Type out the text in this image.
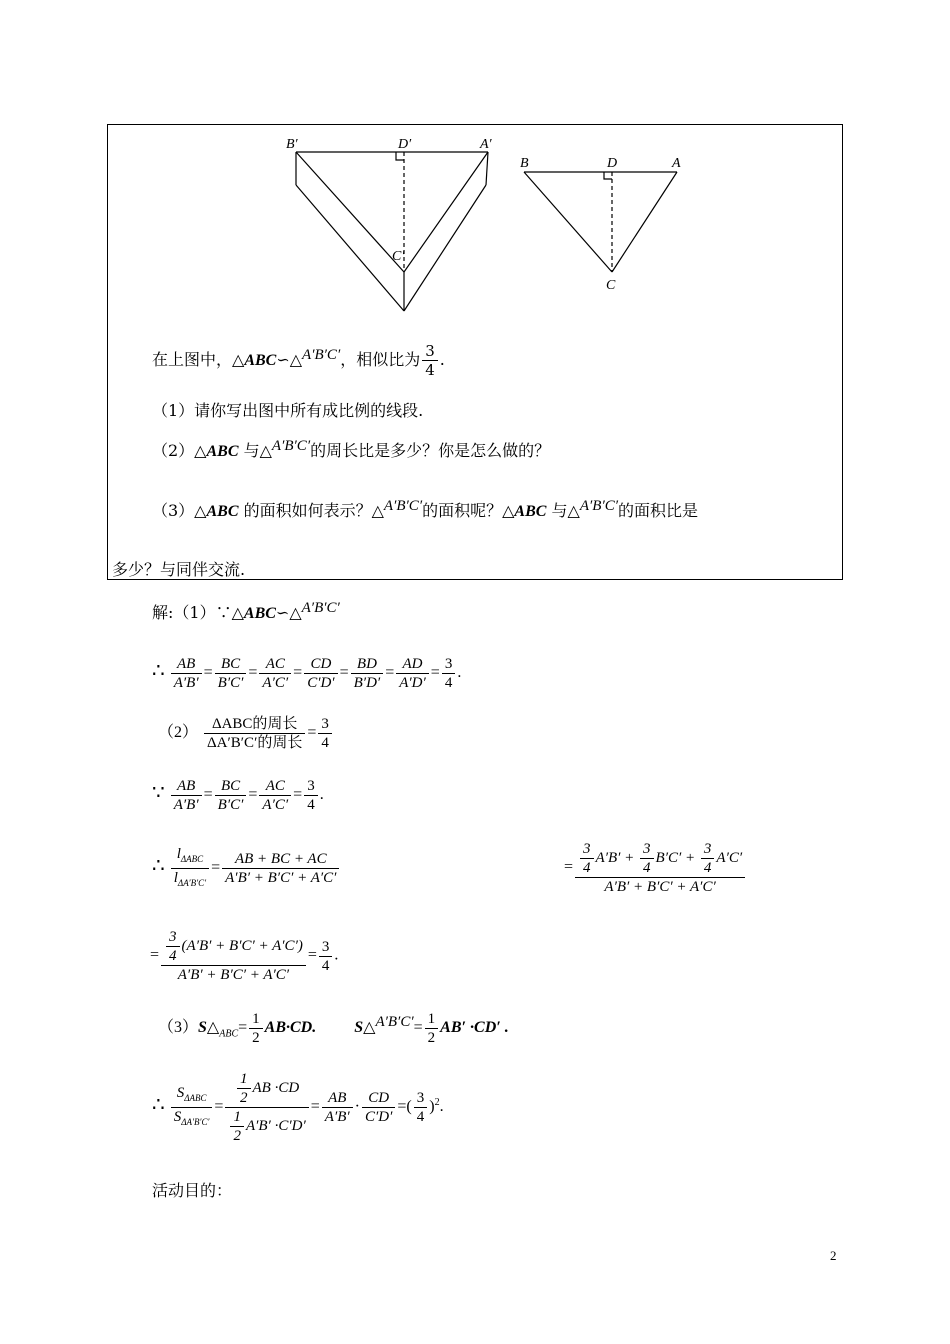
B′	D′	A′
C′
B	D	A
C
在上图中，△ABC∽△A′B′C′，相似比为 $\frac{3}{4}$ .
（1）请你写出图中所有成比例的线段.
（2）△ABC 与△A′B′C′的周长比是多少？你是怎么做的？
（3）△ABC 的面积如何表示？△A′B′C′的面积呢？△ABC 与△A′B′C′的面积比是
多少？与同伴交流.
解:（1）∵△ABC∽△A′B′C′
∴ $\frac{AB}{A'B'} = \frac{BC}{B'C'} = \frac{AC}{A'C'} = \frac{CD}{C'D'} = \frac{BD}{B'D'} = \frac{AD}{A'D'} = \frac{3}{4}$ .
$(2) \frac{\text{ΔABC的周长}}{\text{ΔA′B′C′的周长}} = \frac{3}{4}$
∵ $\frac{AB}{A'B'} = \frac{BC}{B'C'} = \frac{AC}{A'C'} = \frac{3}{4}$ .
∴ $\frac{l_{\Delta ABC}}{l_{\Delta A'B'C'}} = \frac{AB + BC + AC}{A'B' + B'C' + A'C'}$	= $\frac{\frac{3}{4} A'B' + \frac{3}{4} B'C' + \frac{3}{4} A'C'}{A'B' + B'C' + A'C'}$
= $\frac{\frac{3}{4} (A'B' + B'C' + A'C')}{A'B' + B'C' + A'C'} = \frac{3}{4}$ .
$(3)S\triangle_{ABC}= \frac{1}{2} AB\cdot CD$. S△A′B′C′= $\frac{1}{2} AB' \cdot CD'$ .
∴ $\frac{S_{\Delta ABC}}{S_{\Delta A'B'C'}} = \frac{\frac{1}{2} AB \cdot CD}{\frac{1}{2} A'B' \cdot C'D'} = \frac{AB}{A'B'} \cdot \frac{CD}{C'D'}$ =( $\frac{3}{4} )^2$.
活动目的：
2
